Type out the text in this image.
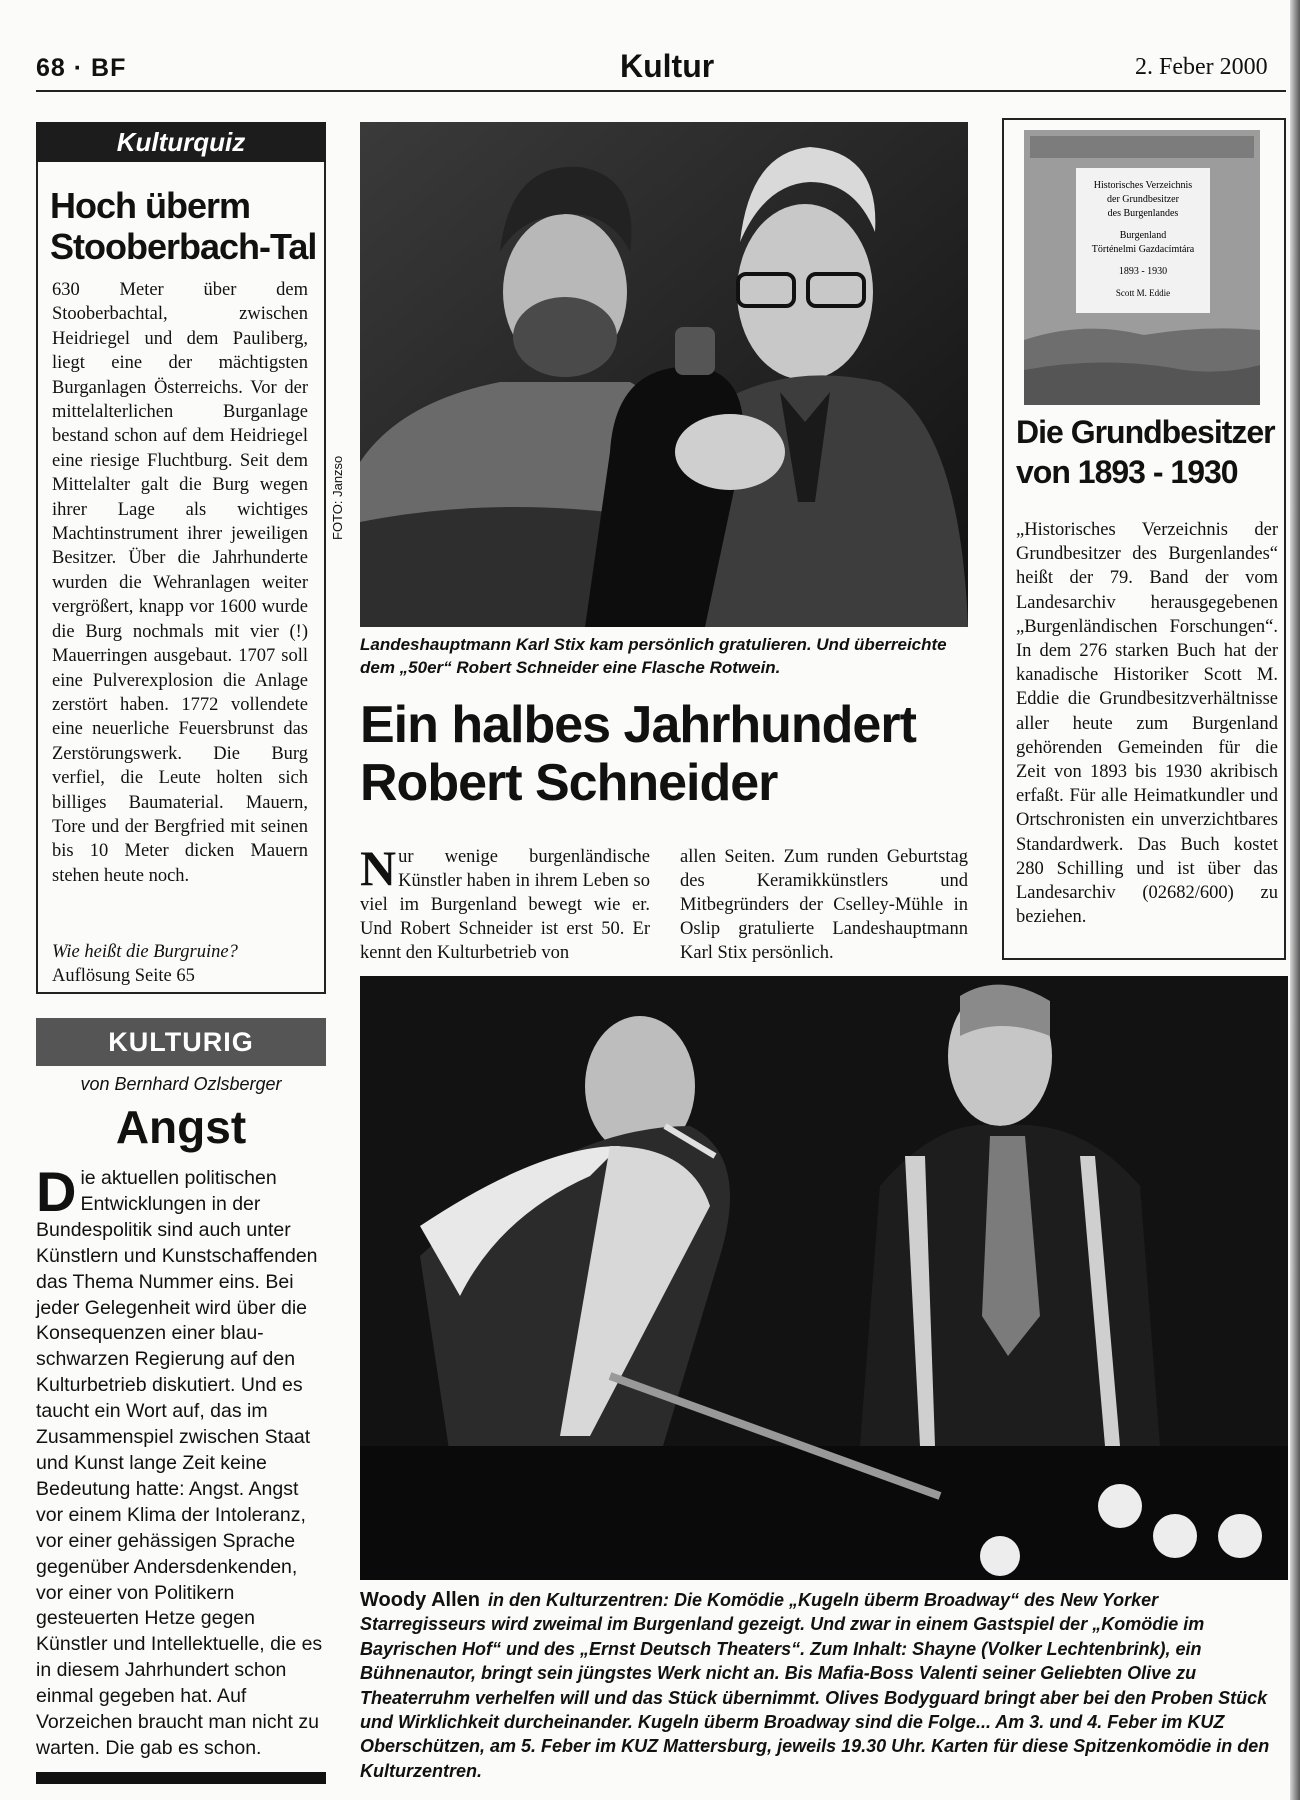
68 · BF	Kultur	2. Feber 2000
Kulturquiz
Hoch überm Stooberbach-Tal
630 Meter über dem Stooberbachtal, zwischen Heidriegel und dem Pauliberg, liegt eine der mächtigsten Burganlagen Österreichs. Vor der mittelalterlichen Burganlage bestand schon auf dem Heidriegel eine riesige Fluchtburg. Seit dem Mittelalter galt die Burg wegen ihrer Lage als wichtiges Machtinstrument ihrer jeweiligen Besitzer. Über die Jahrhunderte wurden die Wehranlagen weiter vergrößert, knapp vor 1600 wurde die Burg nochmals mit vier (!) Mauerringen ausgebaut. 1707 soll eine Pulverexplosion die Anlage zerstört haben. 1772 vollendete eine neuerliche Feuersbrunst das Zerstörungswerk. Die Burg verfiel, die Leute holten sich billiges Baumaterial. Mauern, Tore und der Bergfried mit seinen bis 10 Meter dicken Mauern stehen heute noch.
Wie heißt die Burgruine?
Auflösung Seite 65
KULTURIG
von Bernhard Ozlsberger
Angst
Die aktuellen politischen Entwicklungen in der Bundespolitik sind auch unter Künstlern und Kunstschaffenden das Thema Nummer eins. Bei jeder Gelegenheit wird über die Konsequenzen einer blau-schwarzen Regierung auf den Kulturbetrieb diskutiert. Und es taucht ein Wort auf, das im Zusammenspiel zwischen Staat und Kunst lange Zeit keine Bedeutung hatte: Angst. Angst vor einem Klima der Intoleranz, vor einer gehässigen Sprache gegenüber Andersdenkenden, vor einer von Politikern gesteuerten Hetze gegen Künstler und Intellektuelle, die es in diesem Jahrhundert schon einmal gegeben hat. Auf Vorzeichen braucht man nicht zu warten. Die gab es schon.
FOTO: Janzso
Landeshauptmann Karl Stix kam persönlich gratulieren. Und überreichte dem „50er“ Robert Schneider eine Flasche Rotwein.
Ein halbes Jahrhundert Robert Schneider
Nur wenige burgenländische Künstler haben in ihrem Leben so viel im Burgenland bewegt wie er. Und Robert Schneider ist erst 50. Er kennt den Kulturbetrieb von
allen Seiten. Zum runden Geburtstag des Keramikkünstlers und Mitbegründers der Cselley-Mühle in Oslip gratulierte Landeshauptmann Karl Stix persönlich.
Historisches Verzeichnis
der Grundbesitzer
des Burgenlandes
Burgenland
Történelmi Gazdacímtára
1893 - 1930
Scott M. Eddie
Die Grundbesitzer von 1893 - 1930
„Historisches Verzeichnis der Grundbesitzer des Burgenlandes“ heißt der 79. Band der vom Landesarchiv herausgegebenen „Burgenländischen Forschungen“. In dem 276 starken Buch hat der kanadische Historiker Scott M. Eddie die Grundbesitzverhältnisse aller heute zum Burgenland gehörenden Gemeinden für die Zeit von 1893 bis 1930 akribisch erfaßt. Für alle Heimatkundler und Ortschronisten ein unverzichtbares Standardwerk. Das Buch kostet 280 Schilling und ist über das Landesarchiv (02682/600) zu beziehen.
Woody Allen in den Kulturzentren: Die Komödie „Kugeln überm Broadway“ des New Yorker Starregisseurs wird zweimal im Burgenland gezeigt. Und zwar in einem Gastspiel der „Komödie im Bayrischen Hof“ und des „Ernst Deutsch Theaters“. Zum Inhalt: Shayne (Volker Lechtenbrink), ein Bühnenautor, bringt sein jüngstes Werk nicht an. Bis Mafia-Boss Valenti seiner Geliebten Olive zu Theaterruhm verhelfen will und das Stück übernimmt. Olives Bodyguard bringt aber bei den Proben Stück und Wirklichkeit durcheinander. Kugeln überm Broadway sind die Folge... Am 3. und 4. Feber im KUZ Oberschützen, am 5. Feber im KUZ Mattersburg, jeweils 19.30 Uhr. Karten für diese Spitzenkomödie in den Kulturzentren.
